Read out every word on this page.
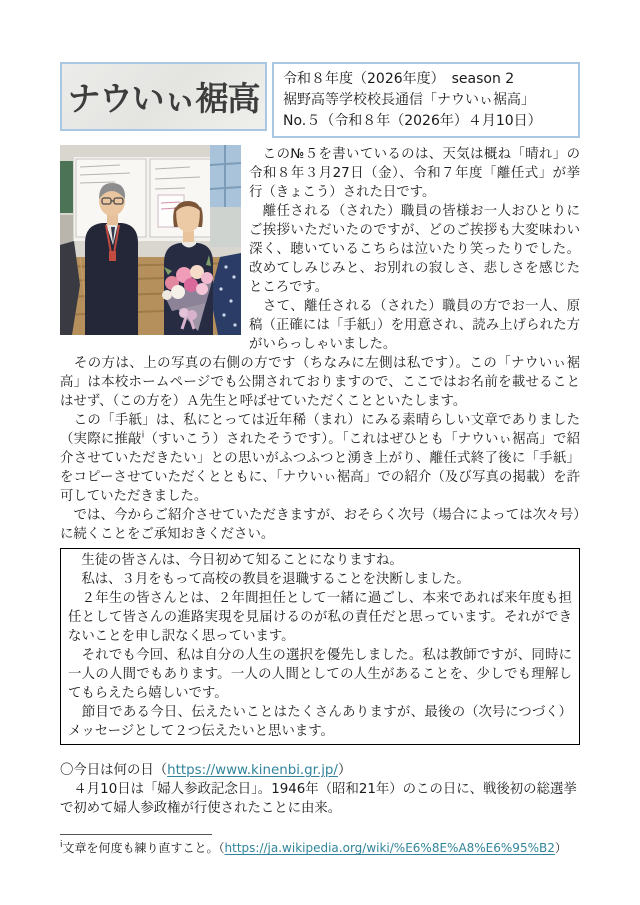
ナウいぃ裾高 令和８年度（2026年度）　season 2
裾野高等学校校長通信「ナウいぃ裾高」
No.５（令和８年（2026年）４月10日）

　この№５を書いているのは、天気は概ね「晴れ」の令和８年３月27日（金）、令和７年度「離任式」が挙行（きょこう）された日です。

　離任される（された）職員の皆様お一人おひとりにご挨拶いただいたのですが、どのご挨拶も大変味わい深く、聴いているこちらは泣いたり笑ったりでした。改めてしみじみと、お別れの寂しさ、悲しさを感じたところです。

　さて、離任される（された）職員の方でお一人、原稿（正確には「手紙」）を用意され、読み上げられた方がいらっしゃいました。

　その方は、上の写真の右側の方です（ちなみに左側は私です）。この「ナウいぃ裾高」は本校ホームページでも公開されておりますので、ここではお名前を載せることはせず、（この方を）Ａ先生と呼ばせていただくことといたします。

　この「手紙」は、私にとっては近年稀（まれ）にみる素晴らしい文章でありました（実際に推敲$^i$（すいこう）されたそうです）。「これはぜひとも「ナウいぃ裾高」で紹介させていただきたい」との思いがふつふつと湧き上がり、離任式終了後に「手紙」をコピーさせていただくとともに、「ナウいぃ裾高」での紹介（及び写真の掲載）を許可していただきました。

　では、今からご紹介させていただきますが、おそらく次号（場合によっては次々号）に続くことをご承知おきください。

　生徒の皆さんは、今日初めて知ることになりますね。

　私は、３月をもって高校の教員を退職することを決断しました。

　２年生の皆さんとは、２年間担任として一緒に過ごし、本来であれば来年度も担任として皆さんの進路実現を見届けるのが私の責任だと思っています。それができないことを申し訳なく思っています。

　それでも今回、私は自分の人生の選択を優先しました。私は教師ですが、同時に一人の人間でもあります。一人の人間としての人生があることを、少しでも理解してもらえたら嬉しいです。

（次号につづく）
　節目である今日、伝えたいことはたくさんありますが、最後のメッセージとして２つ伝えたいと思います。

〇今日は何の日（https://www.kinenbi.gr.jp/）

　４月10日は「婦人参政記念日」。1946年（昭和21年）のこの日に、戦後初の総選挙で初めて婦人参政権が行使されたことに由来。

$^i$文章を何度も練り直すこと。（https://ja.wikipedia.org/wiki/%E6%8E%A8%E6%95%B2）
